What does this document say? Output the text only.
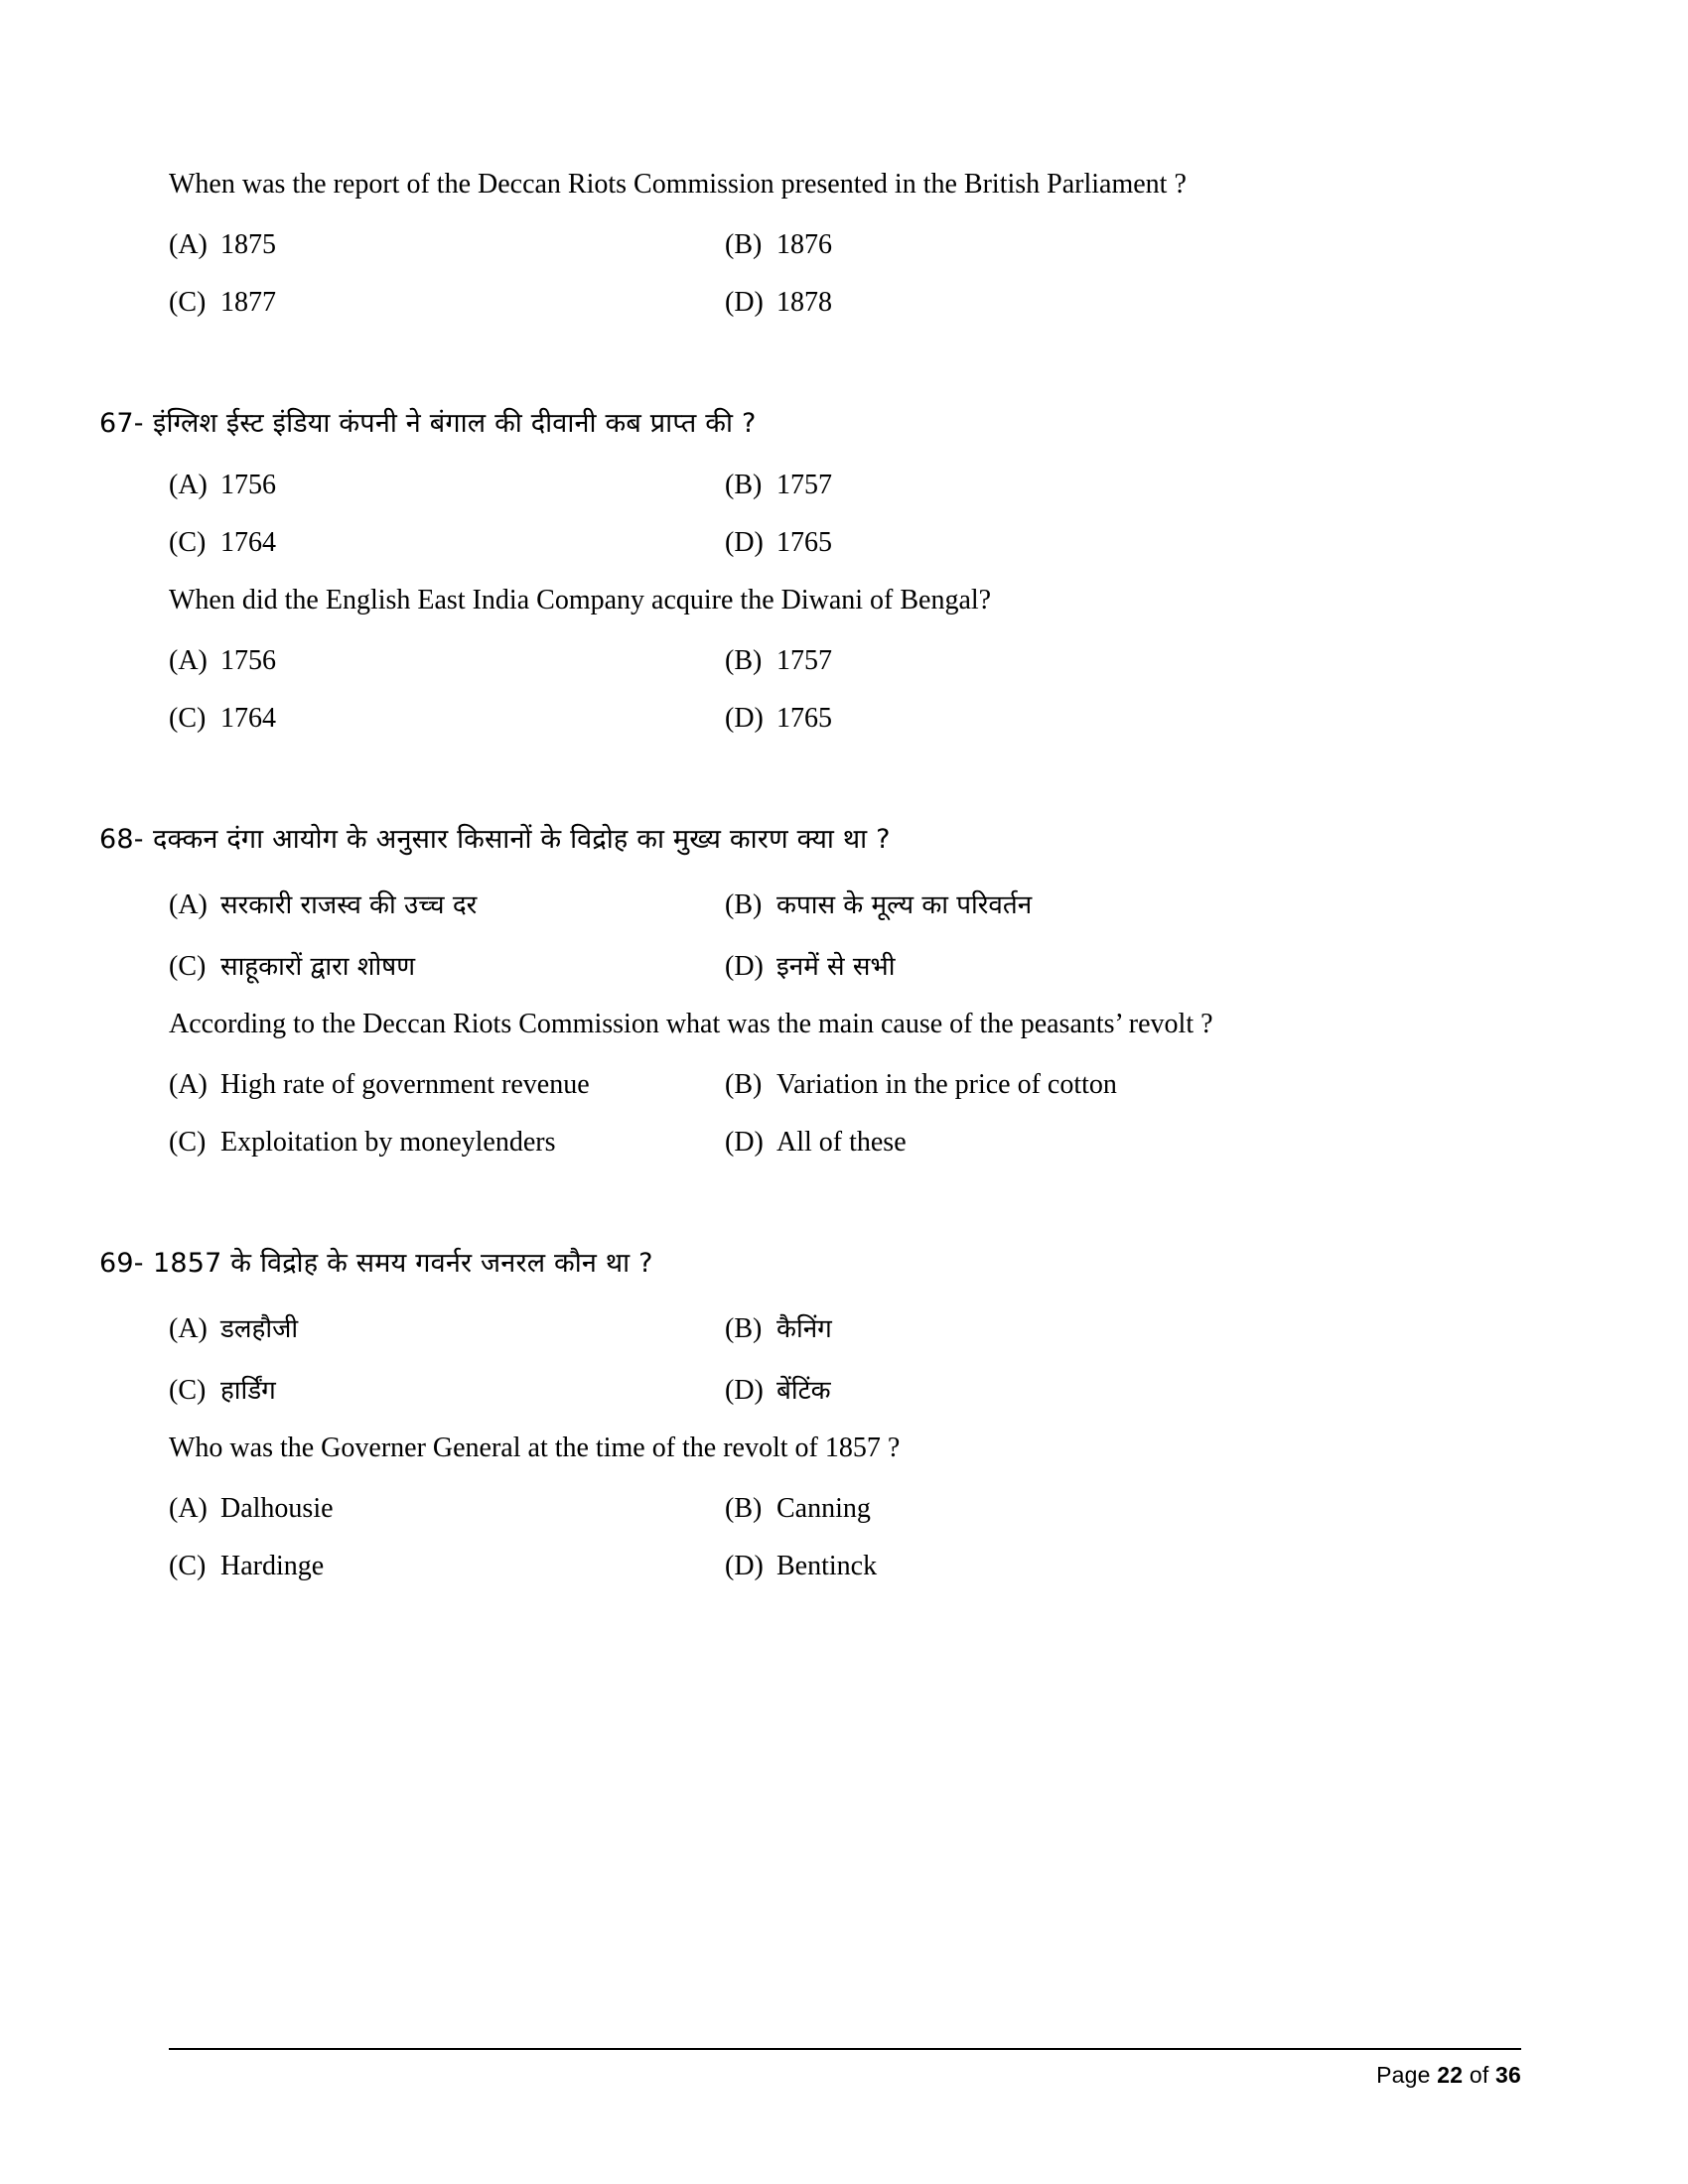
When was the report of the Deccan Riots Commission presented in the British Parliament ?
(A) 1875	(B) 1876
(C) 1877	(D) 1878
67- इंग्लिश ईस्ट इंडिया कंपनी ने बंगाल की दीवानी कब प्राप्त की ?
(A) 1756	(B) 1757
(C) 1764	(D) 1765
When did the English East India Company acquire the Diwani of Bengal?
(A) 1756	(B) 1757
(C) 1764	(D) 1765
68- दक्कन दंगा आयोग के अनुसार किसानों के विद्रोह का मुख्य कारण क्या था ?
(A) सरकारी राजस्व की उच्च दर	(B) कपास के मूल्य का परिवर्तन
(C) साहूकारों द्वारा शोषण	(D) इनमें से सभी
According to the Deccan Riots Commission what was the main cause of the peasants’ revolt ?
(A) High rate of government revenue	(B) Variation in the price of cotton
(C) Exploitation by moneylenders	(D) All of these
69- 1857 के विद्रोह के समय गवर्नर जनरल कौन था ?
(A) डलहौजी	(B) कैनिंग
(C) हार्डिंग	(D) बेंटिंक
Who was the Governer General at the time of the revolt of 1857 ?
(A) Dalhousie	(B) Canning
(C) Hardinge	(D) Bentinck
Page 22 of 36
